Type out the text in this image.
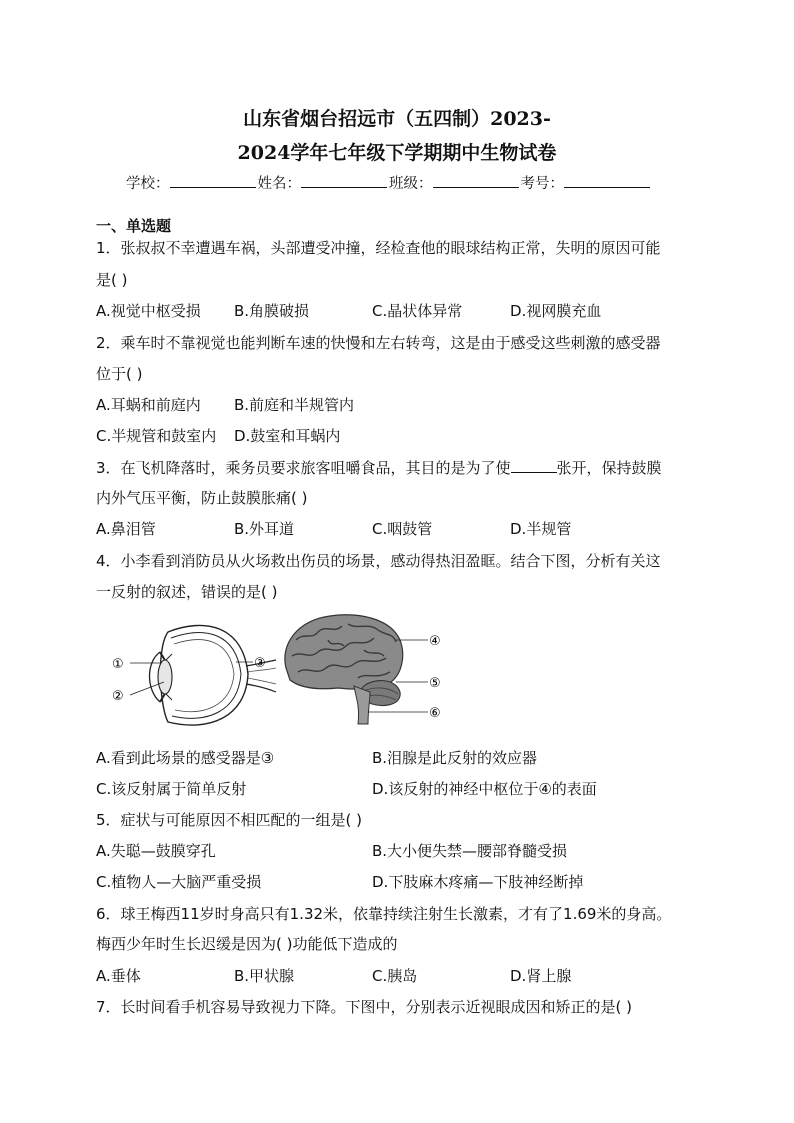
山东省烟台招远市（五四制）2023-
2024学年七年级下学期期中生物试卷
学校：	姓名：	班级：	考号：
一、单选题
1．张叔叔不幸遭遇车祸，头部遭受冲撞，经检查他的眼球结构正常，失明的原因可能
是( )
A.视觉中枢受损 B.角膜破损	C.晶状体异常	D.视网膜充血
2．乘车时不靠视觉也能判断车速的快慢和左右转弯，这是由于感受这些刺激的感受器
位于( )
A.耳蜗和前庭内 B.前庭和半规管内
C.半规管和鼓室内 D.鼓室和耳蜗内
3．在飞机降落时，乘务员要求旅客咀嚼食品，其目的是为了使	张开，保持鼓膜
内外气压平衡，防止鼓膜胀痛( )
A.鼻泪管	B.外耳道	C.咽鼓管	D.半规管
4．小李看到消防员从火场救出伤员的场景，感动得热泪盈眶。结合下图，分析有关这
一反射的叙述，错误的是( )
①
②
③
④
⑤
⑥
A.看到此场景的感受器是③	B.泪腺是此反射的效应器
C.该反射属于简单反射	D.该反射的神经中枢位于④的表面
5．症状与可能原因不相匹配的一组是( )
A.失聪—鼓膜穿孔	B.大小便失禁—腰部脊髓受损
C.植物人—大脑严重受损	D.下肢麻木疼痛—下肢神经断掉
6．球王梅西11岁时身高只有1.32米，依靠持续注射生长激素，才有了1.69米的身高。
梅西少年时生长迟缓是因为( )功能低下造成的
A.垂体	B.甲状腺	C.胰岛	D.肾上腺
7．长时间看手机容易导致视力下降。下图中，分别表示近视眼成因和矫正的是( )
